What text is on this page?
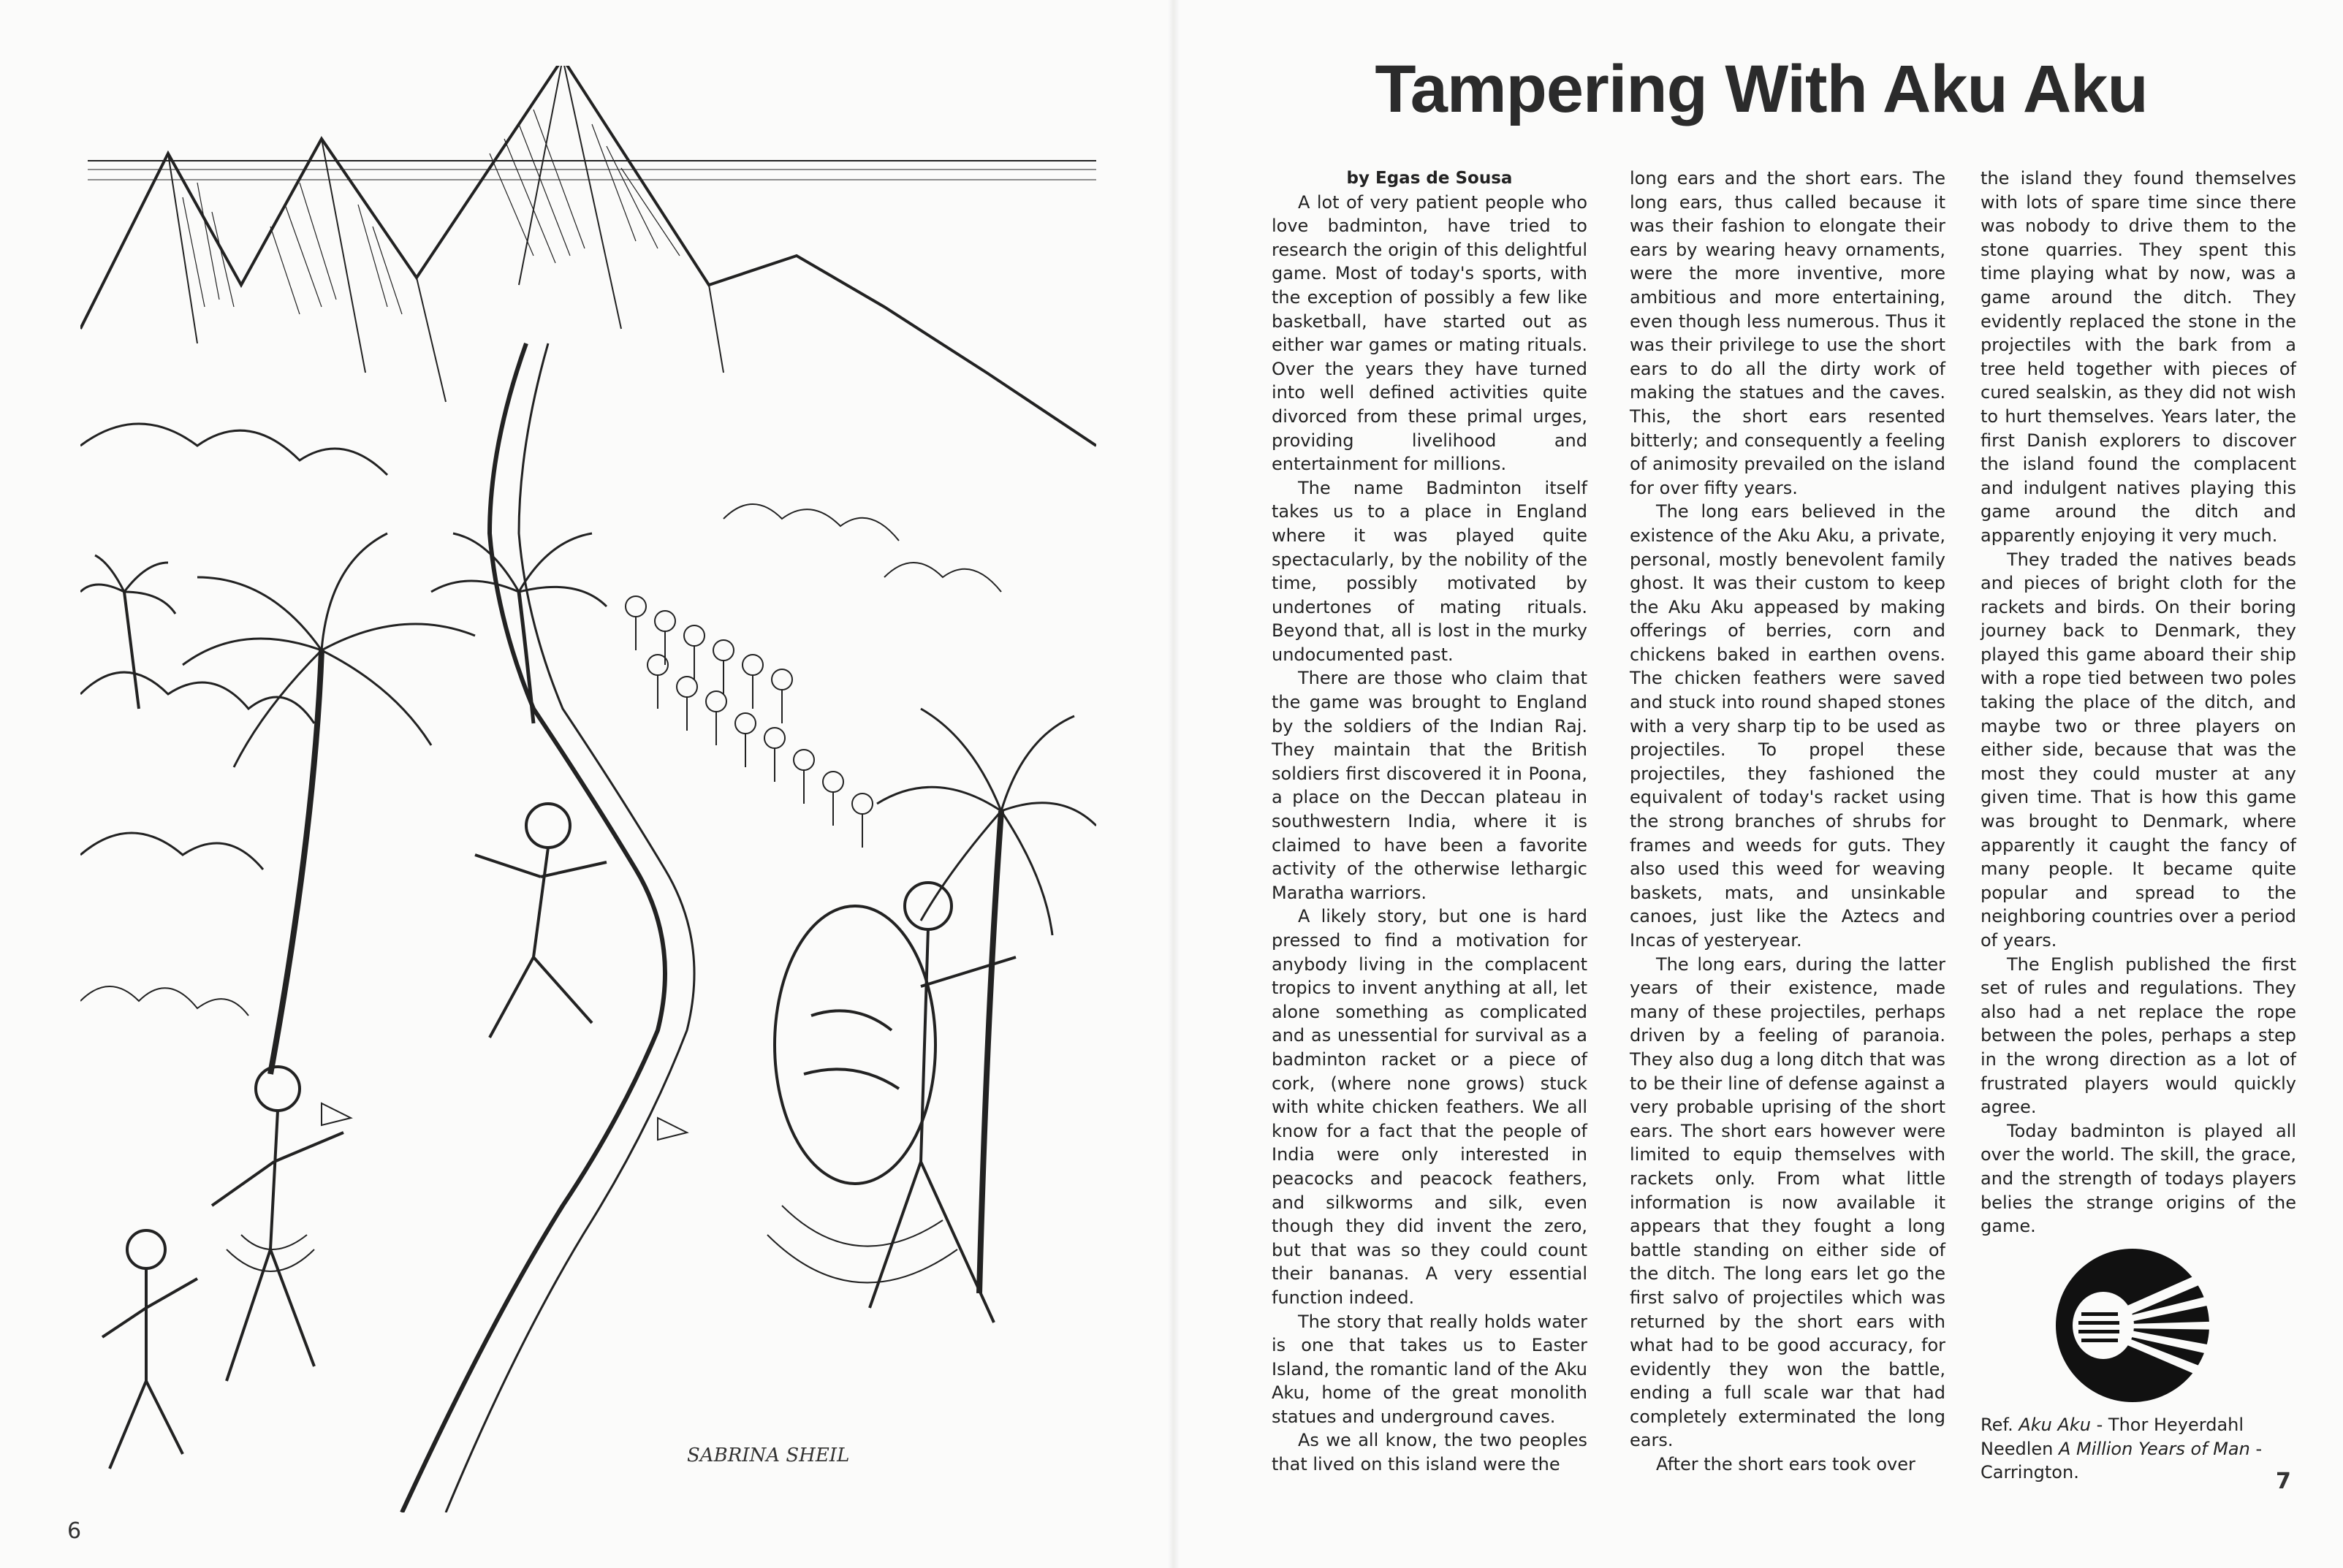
SABRINA SHEIL
Tampering With Aku Aku

by Egas de Sousa

A lot of very patient people who love badminton, have tried to research the origin of this delightful game. Most of today's sports, with the exception of possibly a few like basketball, have started out as either war games or mating rituals. Over the years they have turned into well defined activities quite divorced from these primal urges, providing livelihood and entertainment for millions.

The name Badminton itself takes us to a place in England where it was played quite spectacularly, by the nobility of the time, possibly motivated by undertones of mating rituals. Beyond that, all is lost in the murky undocumented past.

There are those who claim that the game was brought to England by the soldiers of the Indian Raj. They maintain that the British soldiers first discovered it in Poona, a place on the Deccan plateau in southwestern India, where it is claimed to have been a favorite activity of the otherwise lethargic Maratha warriors.

A likely story, but one is hard pressed to find a motivation for anybody living in the complacent tropics to invent anything at all, let alone something as complicated and as unessential for survival as a badminton racket or a piece of cork, (where none grows) stuck with white chicken feathers. We all know for a fact that the people of India were only interested in peacocks and peacock feathers, and silkworms and silk, even though they did invent the zero, but that was so they could count their bananas. A very essential function indeed.

The story that really holds water is one that takes us to Easter Island, the romantic land of the Aku Aku, home of the great monolith statues and underground caves.

As we all know, the two peoples that lived on this island were the

long ears and the short ears. The long ears, thus called because it was their fashion to elongate their ears by wearing heavy ornaments, were the more inventive, more ambitious and more entertaining, even though less numerous. Thus it was their privilege to use the short ears to do all the dirty work of making the statues and the caves. This, the short ears resented bitterly; and consequently a feeling of animosity prevailed on the island for over fifty years.

The long ears believed in the existence of the Aku Aku, a private, personal, mostly benevolent family ghost. It was their custom to keep the Aku Aku appeased by making offerings of berries, corn and chickens baked in earthen ovens. The chicken feathers were saved and stuck into round shaped stones with a very sharp tip to be used as projectiles. To propel these projectiles, they fashioned the equivalent of today's racket using the strong branches of shrubs for frames and weeds for guts. They also used this weed for weaving baskets, mats, and unsinkable canoes, just like the Aztecs and Incas of yesteryear.

The long ears, during the latter years of their existence, made many of these projectiles, perhaps driven by a feeling of paranoia. They also dug a long ditch that was to be their line of defense against a very probable uprising of the short ears. The short ears however were limited to equip themselves with rackets only. From what little information is now available it appears that they fought a long battle standing on either side of the ditch. The long ears let go the first salvo of projectiles which was returned by the short ears with what had to be good accuracy, for evidently they won the battle, ending a full scale war that had completely exterminated the long ears.

After the short ears took over

the island they found themselves with lots of spare time since there was nobody to drive them to the stone quarries. They spent this time playing what by now, was a game around the ditch. They evidently replaced the stone in the projectiles with the bark from a tree held together with pieces of cured sealskin, as they did not wish to hurt themselves. Years later, the first Danish explorers to discover the island found the complacent and indulgent natives playing this game around the ditch and apparently enjoying it very much.

They traded the natives beads and pieces of bright cloth for the rackets and birds. On their boring journey back to Denmark, they played this game aboard their ship with a rope tied between two poles taking the place of the ditch, and maybe two or three players on either side, because that was the most they could muster at any given time. That is how this game was brought to Denmark, where apparently it caught the fancy of many people. It became quite popular and spread to the neighboring countries over a period of years.

The English published the first set of rules and regulations. They also had a net replace the rope between the poles, perhaps a step in the wrong direction as a lot of frustrated players would quickly agree.

Today badminton is played all over the world. The skill, the grace, and the strength of todays players belies the strange origins of the game.

Ref. Aku Aku - Thor Heyerdahl
Needlen A Million Years of Man -
Carrington.
6
7
